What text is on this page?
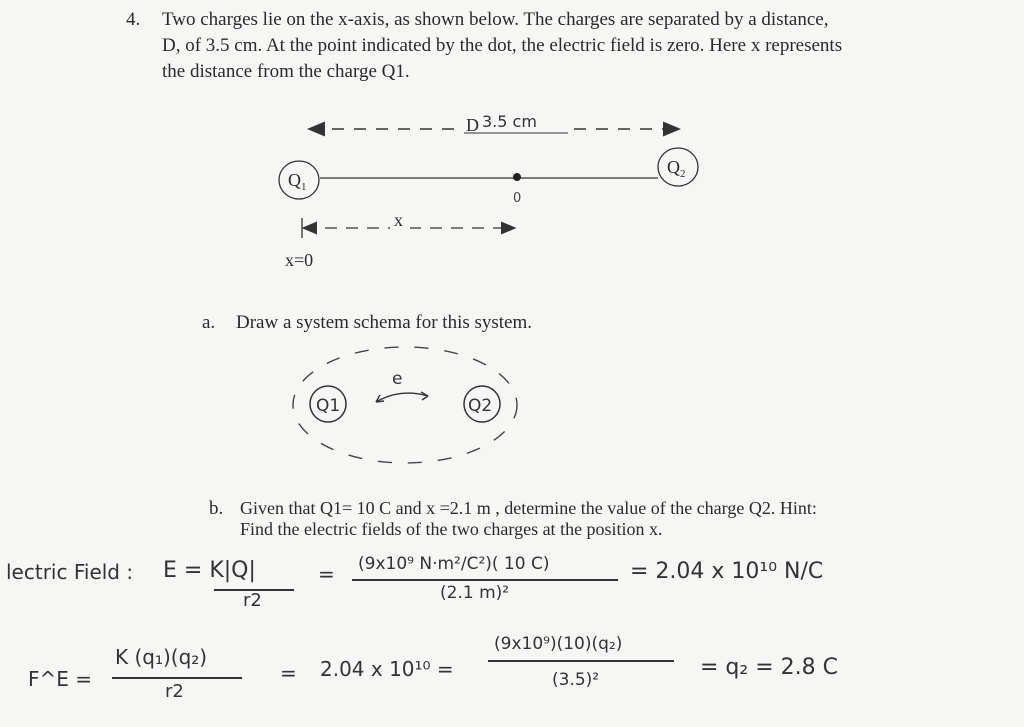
4. Two charges lie on the x-axis, as shown below. The charges are separated by a distance,
D, of 3.5 cm. At the point indicated by the dot, the electric field is zero. Here x represents
the distance from the charge Q1.
D 3.5 cm
$Q_1$
$Q_2$
0
x
x=0
a. Draw a system schema for this system.
Q1	Q2
e
b. Given that Q1= 10 C and x =2.1 m , determine the value of the charge Q2. Hint:
Find the electric fields of the two charges at the position x.
lectric Field : E = K|Q|
r2
= (9x10⁹ N·m²/C²)( 10 C)
(2.1 m)²
= 2.04 x 10¹⁰ N/C
F^E =
K (q₁)(q₂)
r2
= 2.04 x 10¹⁰ =
(9x10⁹)(10)(q₂)
(3.5)²	= q₂ = 2.8 C
